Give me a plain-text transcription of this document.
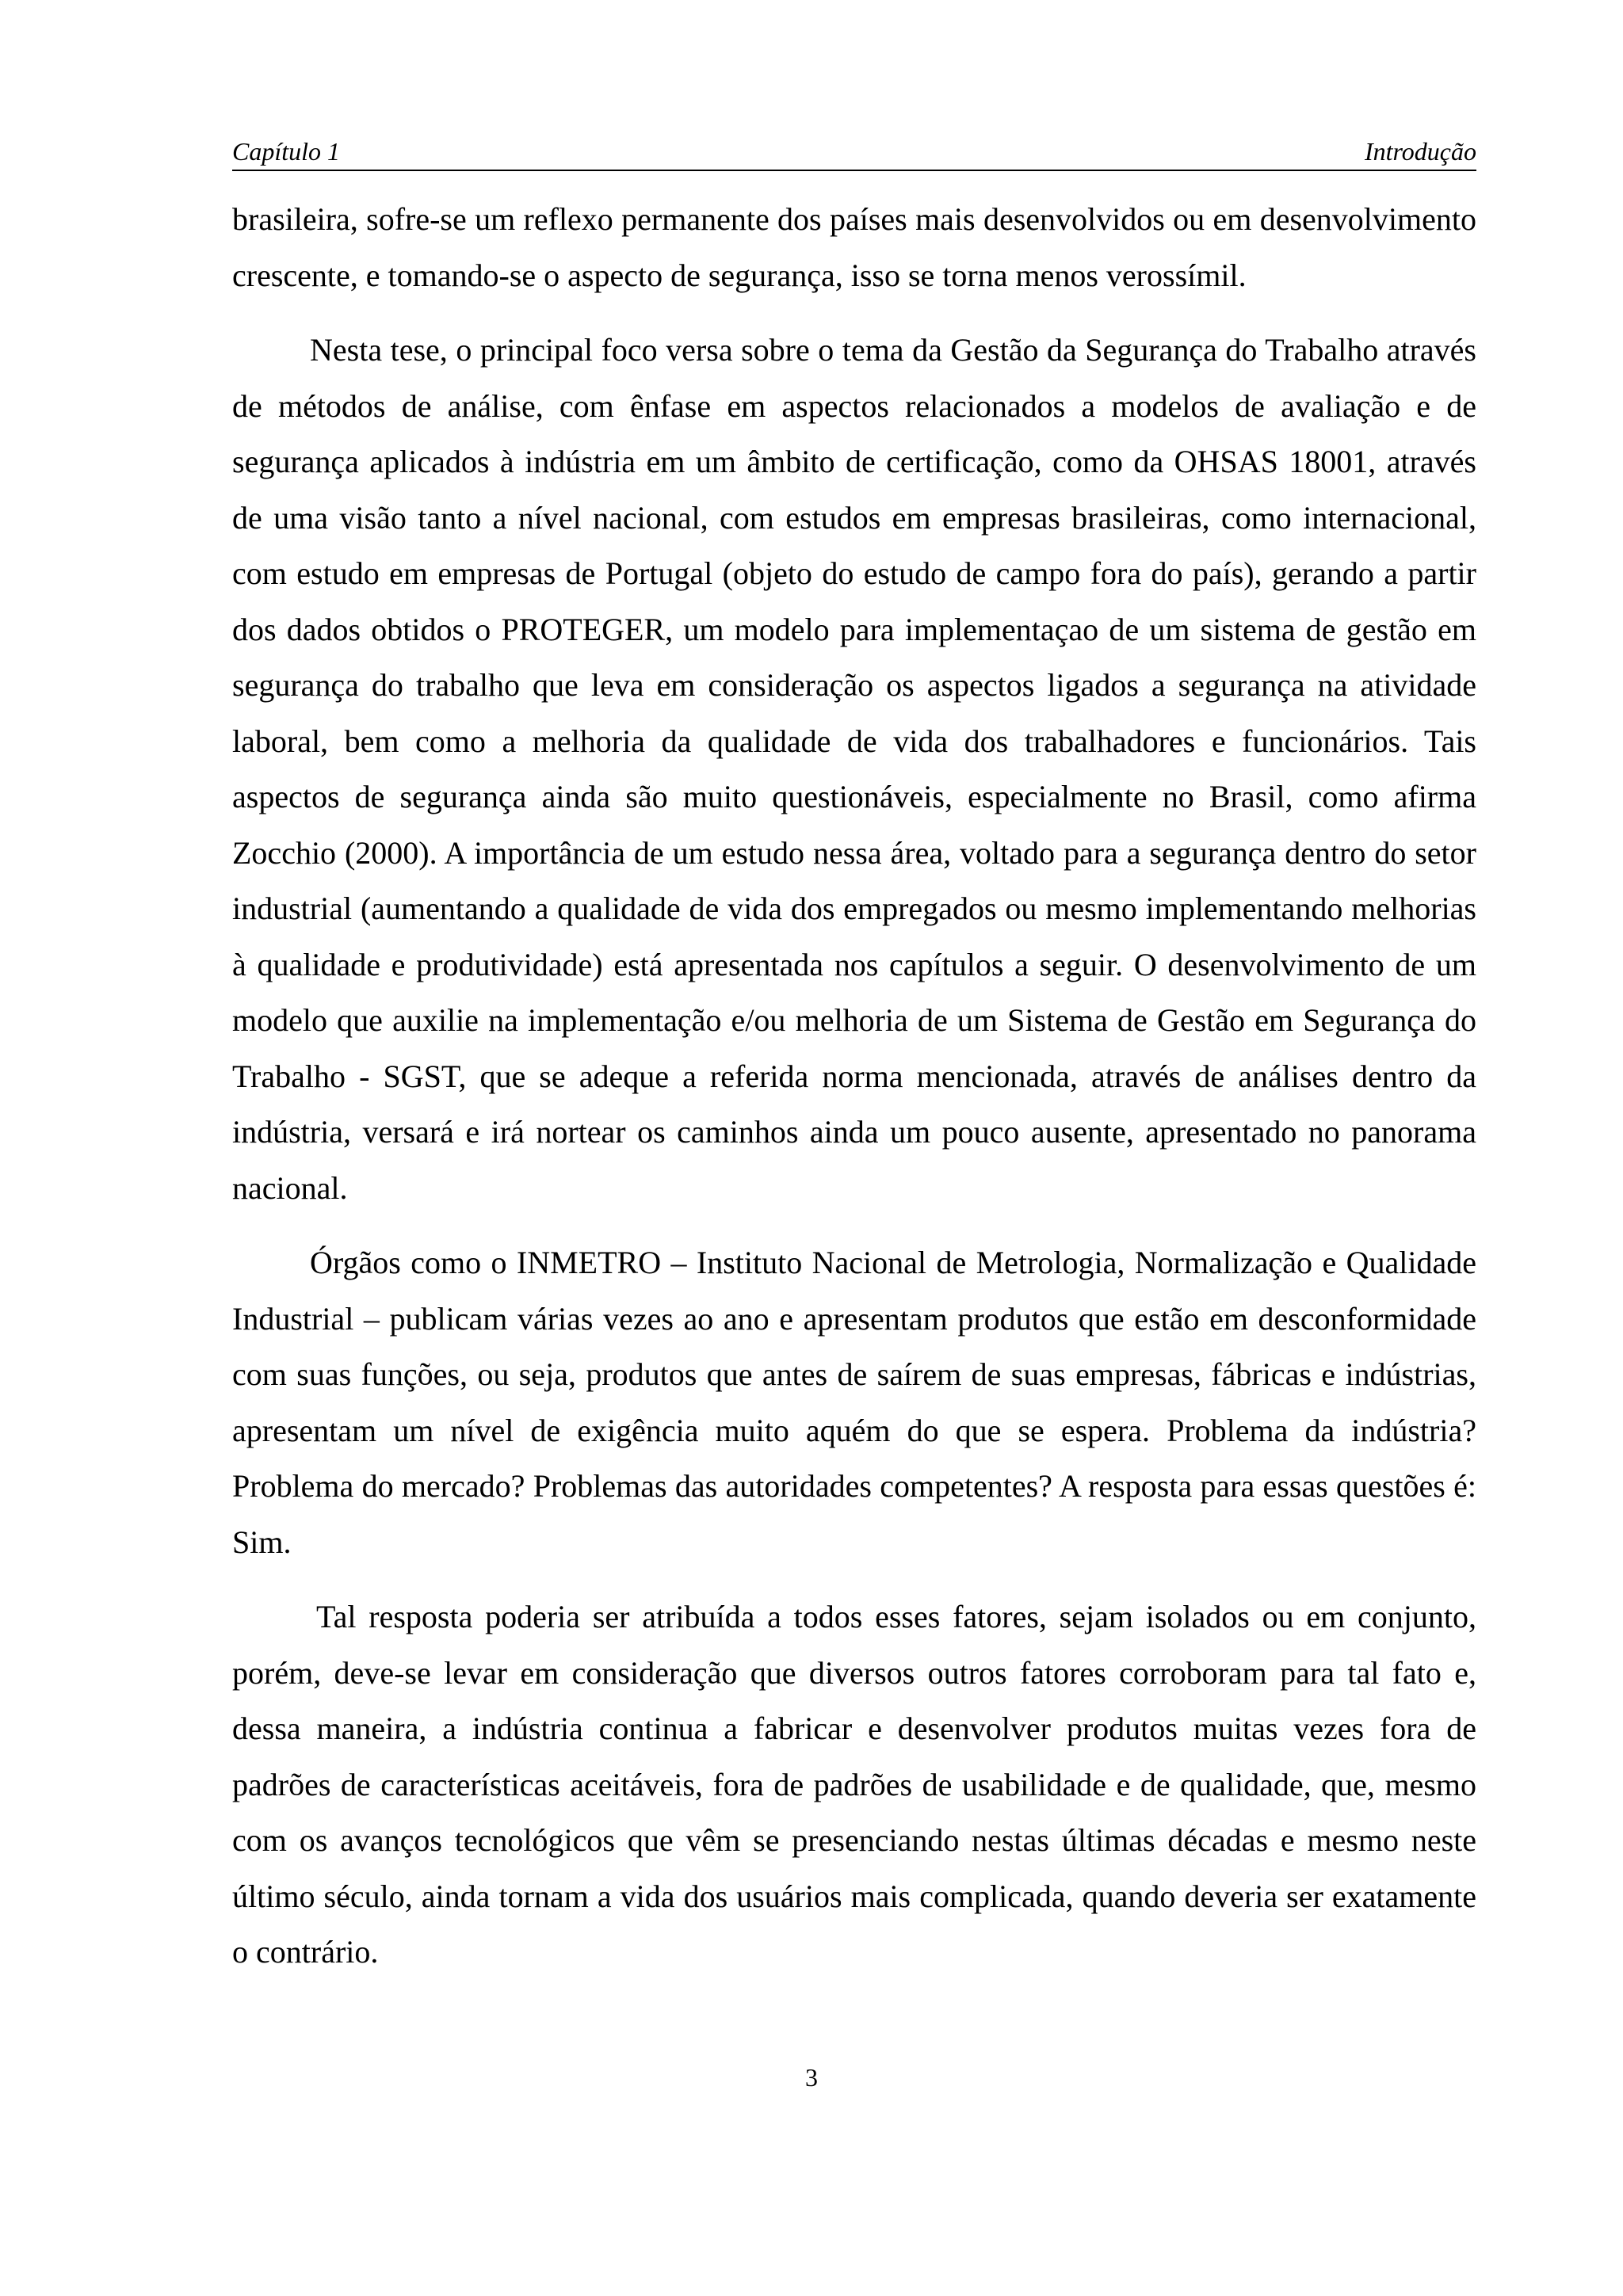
Capítulo 1	Introdução

brasileira, sofre-se um reflexo permanente dos países mais desenvolvidos ou em desenvolvimento crescente, e tomando-se o aspecto de segurança, isso se torna menos verossímil.

Nesta tese, o principal foco versa sobre o tema da Gestão da Segurança do Trabalho através de métodos de análise, com ênfase em aspectos relacionados a modelos de avaliação e de segurança aplicados à indústria em um âmbito de certificação, como da OHSAS 18001, através de uma visão tanto a nível nacional, com estudos em empresas brasileiras, como internacional, com estudo em empresas de Portugal (objeto do estudo de campo fora do país), gerando a partir dos dados obtidos o PROTEGER, um modelo para implementaçao de um sistema de gestão em segurança do trabalho que leva em consideração os aspectos ligados a segurança na atividade laboral, bem como a melhoria da qualidade de vida dos trabalhadores e funcionários. Tais aspectos de segurança ainda são muito questionáveis, especialmente no Brasil, como afirma Zocchio (2000). A importância de um estudo nessa área, voltado para a segurança dentro do setor industrial (aumentando a qualidade de vida dos empregados ou mesmo implementando melhorias à qualidade e produtividade) está apresentada nos capítulos a seguir. O desenvolvimento de um modelo que auxilie na implementação e/ou melhoria de um Sistema de Gestão em Segurança do Trabalho - SGST, que se adeque a referida norma mencionada, através de análises dentro da indústria, versará e irá nortear os caminhos ainda um pouco ausente, apresentado no panorama nacional.

Órgãos como o INMETRO – Instituto Nacional de Metrologia, Normalização e Qualidade Industrial – publicam várias vezes ao ano e apresentam produtos que estão em desconformidade com suas funções, ou seja, produtos que antes de saírem de suas empresas, fábricas e indústrias, apresentam um nível de exigência muito aquém do que se espera. Problema da indústria? Problema do mercado? Problemas das autoridades competentes? A resposta para essas questões é: Sim.

Tal resposta poderia ser atribuída a todos esses fatores, sejam isolados ou em conjunto, porém, deve-se levar em consideração que diversos outros fatores corroboram para tal fato e, dessa maneira, a indústria continua a fabricar e desenvolver produtos muitas vezes fora de padrões de características aceitáveis, fora de padrões de usabilidade e de qualidade, que, mesmo com os avanços tecnológicos que vêm se presenciando nestas últimas décadas e mesmo neste último século, ainda tornam a vida dos usuários mais complicada, quando deveria ser exatamente o contrário.

3
